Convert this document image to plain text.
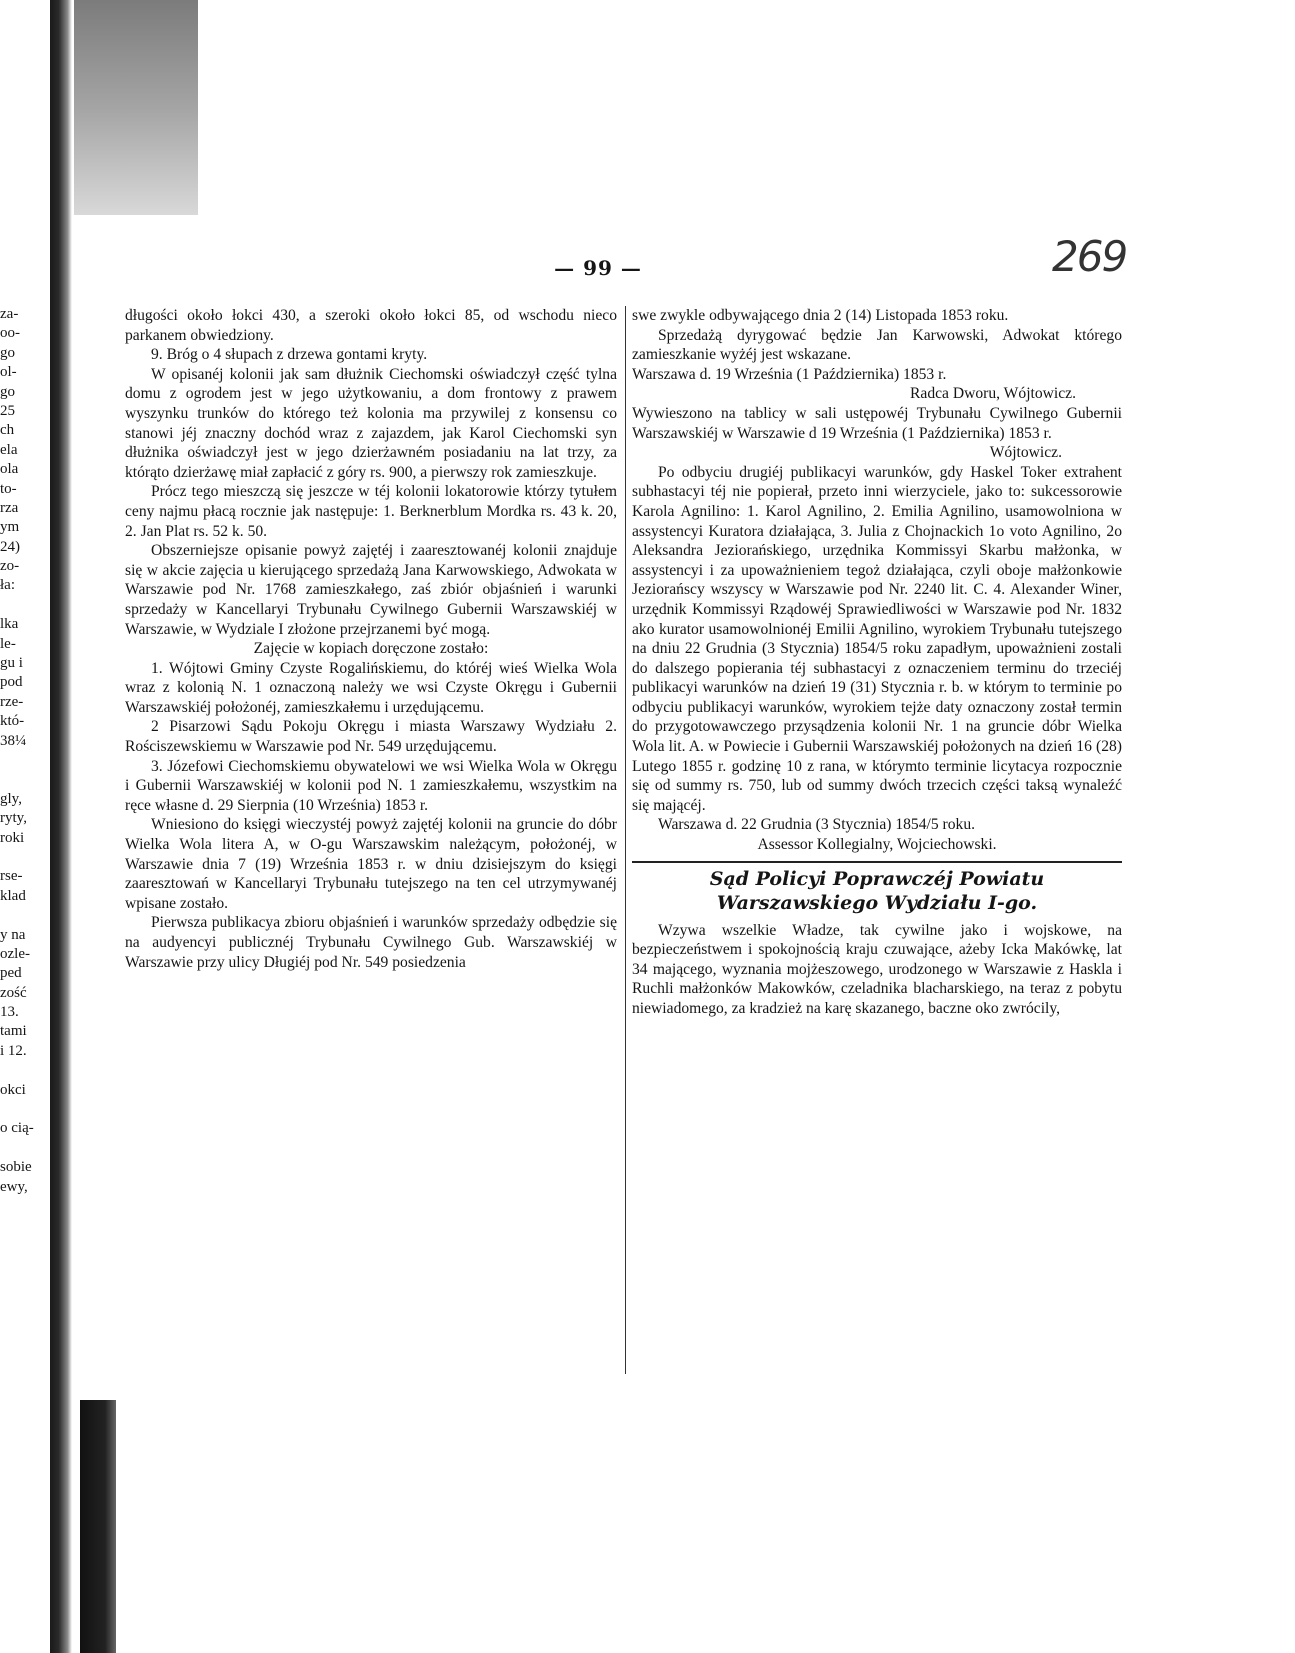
za-
oo-
go
ol-
go
25
ch
ela
ola
to-
rza
ym
24)
zo-
ła:
lka
le-
gu i
pod
rze-
któ-
38¼
gly,
ryty,
roki
rse-
klad
y na
ozle-
ped
zość
13.
tami
i 12.
okci
o cią-
sobie
ewy,
— 99 —	269

długości około łokci 430, a szeroki około łokci 85, od wschodu nieco parkanem obwiedziony.

9. Bróg o 4 słupach z drzewa gontami kryty.

W opisanéj kolonii jak sam dłużnik Ciechomski oświadczył część tylna domu z ogrodem jest w jego użytkowaniu, a dom frontowy z prawem wyszynku trunków do którego też kolonia ma przywilej z konsensu co stanowi jéj znaczny dochód wraz z zajazdem, jak Karol Ciechomski syn dłużnika oświadczył jest w jego dzierżawném posiadaniu na lat trzy, za którąto dzierżawę miał zapłacić z góry rs. 900, a pierwszy rok zamieszkuje.

Prócz tego mieszczą się jeszcze w téj kolonii lokatorowie którzy tytułem ceny najmu płacą rocznie jak następuje: 1. Berknerblum Mordka rs. 43 k. 20, 2. Jan Plat rs. 52 k. 50.

Obszerniejsze opisanie powyż zajętéj i zaaresztowanéj kolonii znajduje się w akcie zajęcia u kierującego sprzedażą Jana Karwowskiego, Adwokata w Warszawie pod Nr. 1768 zamieszkałego, zaś zbiór objaśnień i warunki sprzedaży w Kancellaryi Trybunału Cywilnego Gubernii Warszawskiéj w Warszawie, w Wydziale I złożone przejrzanemi być mogą.

Zajęcie w kopiach doręczone zostało:

1. Wójtowi Gminy Czyste Rogalińskiemu, do któréj wieś Wielka Wola wraz z kolonią N. 1 oznaczoną należy we wsi Czyste Okręgu i Gubernii Warszawskiéj położonéj, zamieszkałemu i urzędującemu.

2 Pisarzowi Sądu Pokoju Okręgu i miasta Warszawy Wydziału 2. Rościszewskiemu w Warszawie pod Nr. 549 urzędującemu.

3. Józefowi Ciechomskiemu obywatelowi we wsi Wielka Wola w Okręgu i Gubernii Warszawskiéj w kolonii pod N. 1 zamieszkałemu, wszystkim na ręce własne d. 29 Sierpnia (10 Września) 1853 r.

Wniesiono do księgi wieczystéj powyż zajętéj kolonii na gruncie do dóbr Wielka Wola litera A, w O-gu Warszawskim należącym, położonéj, w Warszawie dnia 7 (19) Września 1853 r. w dniu dzisiejszym do księgi zaaresztowań w Kancellaryi Trybunału tutejszego na ten cel utrzymywanéj wpisane zostało.

Pierwsza publikacya zbioru objaśnień i warunków sprzedaży odbędzie się na audyencyi publicznéj Trybunału Cywilnego Gub. Warszawskiéj w Warszawie przy ulicy Długiéj pod Nr. 549 posiedzenia

swe zwykle odbywającego dnia 2 (14) Listopada 1853 roku.

Sprzedażą dyrygować będzie Jan Karwowski, Adwokat którego zamieszkanie wyżéj jest wskazane.

Warszawa d. 19 Września (1 Października) 1853 r.

Radca Dworu, Wójtowicz.

Wywieszono na tablicy w sali ustępowéj Trybunału Cywilnego Gubernii Warszawskiéj w Warszawie d 19 Września (1 Października) 1853 r.

Wójtowicz.

Po odbyciu drugiéj publikacyi warunków, gdy Haskel Toker extrahent subhastacyi téj nie popierał, przeto inni wierzyciele, jako to: sukcessorowie Karola Agnilino: 1. Karol Agnilino, 2. Emilia Agnilino, usamowolniona w assystencyi Kuratora działająca, 3. Julia z Chojnackich 1o voto Agnilino, 2o Aleksandra Jeziorańskiego, urzędnika Kommissyi Skarbu małżonka, w assystencyi i za upoważnieniem tegoż działająca, czyli oboje małżonkowie Jeziorańscy wszyscy w Warszawie pod Nr. 2240 lit. C. 4. Alexander Winer, urzędnik Kommissyi Rządowéj Sprawiedliwości w Warszawie pod Nr. 1832 ako kurator usamowolnionéj Emilii Agnilino, wyrokiem Trybunału tutejszego na dniu 22 Grudnia (3 Stycznia) 1854/5 roku zapadłym, upoważnieni zostali do dalszego popierania téj subhastacyi z oznaczeniem terminu do trzeciéj publikacyi warunków na dzień 19 (31) Stycznia r. b. w którym to terminie po odbyciu publikacyi warunków, wyrokiem tejże daty oznaczony został termin do przygotowawczego przysądzenia kolonii Nr. 1 na gruncie dóbr Wielka Wola lit. A. w Powiecie i Gubernii Warszawskiéj położonych na dzień 16 (28) Lutego 1855 r. godzinę 10 z rana, w którymto terminie licytacya rozpocznie się od summy rs. 750, lub od summy dwóch trzecich części taksą wynaleźć się mającéj.

Warszawa d. 22 Grudnia (3 Stycznia) 1854/5 roku.

Assessor Kollegialny, Wojciechowski.

Sąd Policyi Poprawczéj Powiatu Warszawskiego Wydziału I-go.

Wzywa wszelkie Władze, tak cywilne jako i wojskowe, na bezpieczeństwem i spokojnością kraju czuwające, ażeby Icka Makówkę, lat 34 mającego, wyznania mojżeszowego, urodzonego w Warszawie z Haskla i Ruchli małżonków Makowków, czeladnika blacharskiego, na teraz z pobytu niewiadomego, za kradzież na karę skazanego, baczne oko zwrócily,
